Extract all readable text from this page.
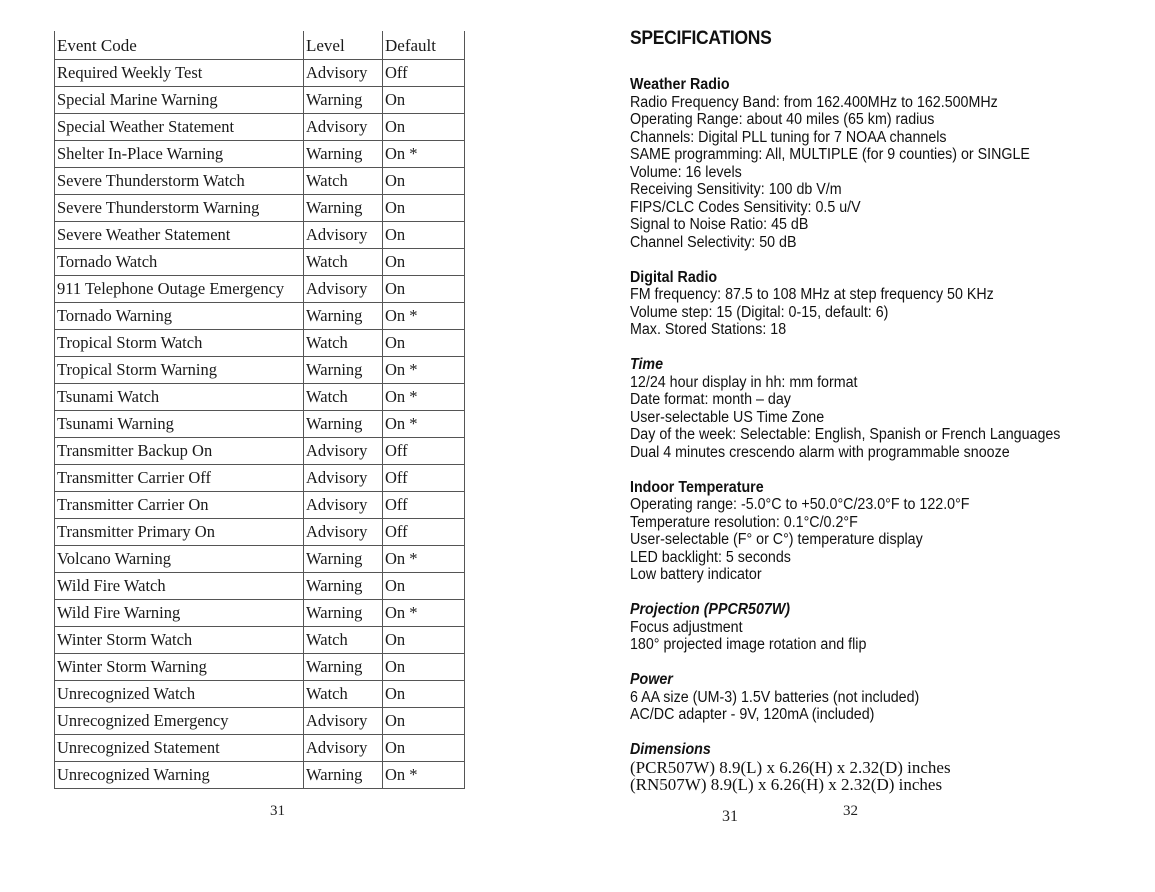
Event Code	Level	Default
Required Weekly Test	Advisory	Off
Special Marine Warning	Warning	On
Special Weather Statement	Advisory	On
Shelter In-Place Warning	Warning	On *
Severe Thunderstorm Watch	Watch	On
Severe Thunderstorm Warning	Warning	On
Severe Weather Statement	Advisory	On
Tornado Watch	Watch	On
911 Telephone Outage Emergency	Advisory	On
Tornado Warning	Warning	On *
Tropical Storm Watch	Watch	On
Tropical Storm Warning	Warning	On *
Tsunami Watch	Watch	On *
Tsunami Warning	Warning	On *
Transmitter Backup On	Advisory	Off
Transmitter Carrier Off	Advisory	Off
Transmitter Carrier On	Advisory	Off
Transmitter Primary On	Advisory	Off
Volcano Warning	Warning	On *
Wild Fire Watch	Warning	On
Wild Fire Warning	Warning	On *
Winter Storm Watch	Watch	On
Winter Storm Warning	Warning	On
Unrecognized Watch	Watch	On
Unrecognized Emergency	Advisory	On
Unrecognized Statement	Advisory	On
Unrecognized Warning	Warning	On *
31
SPECIFICATIONS
Weather Radio
Radio Frequency Band: from 162.400MHz to 162.500MHz
Operating Range: about 40 miles (65 km) radius
Channels: Digital PLL tuning for 7 NOAA channels
SAME programming: All, MULTIPLE (for 9 counties) or SINGLE
Volume: 16 levels
Receiving Sensitivity: 100 db V/m
FIPS/CLC Codes Sensitivity: 0.5 u/V
Signal to Noise Ratio: 45 dB
Channel Selectivity: 50 dB
Digital Radio
FM frequency: 87.5 to 108 MHz at step frequency 50 KHz
Volume step: 15 (Digital: 0-15, default: 6)
Max. Stored Stations: 18
Time
12/24 hour display in hh: mm format
Date format: month – day
User-selectable US Time Zone
Day of the week: Selectable: English, Spanish or French Languages
Dual 4 minutes crescendo alarm with programmable snooze
Indoor Temperature
Operating range: -5.0°C to +50.0°C/23.0°F to 122.0°F
Temperature resolution: 0.1°C/0.2°F
User-selectable (F° or C°) temperature display
LED backlight: 5 seconds
Low battery indicator
Projection (PPCR507W)
Focus adjustment
180° projected image rotation and flip
Power
6 AA size (UM-3) 1.5V batteries (not included)
AC/DC adapter - 9V, 120mA (included)
Dimensions
(PCR507W) 8.9(L) x 6.26(H) x 2.32(D) inches
(RN507W) 8.9(L) x 6.26(H) x 2.32(D) inches
31	32
